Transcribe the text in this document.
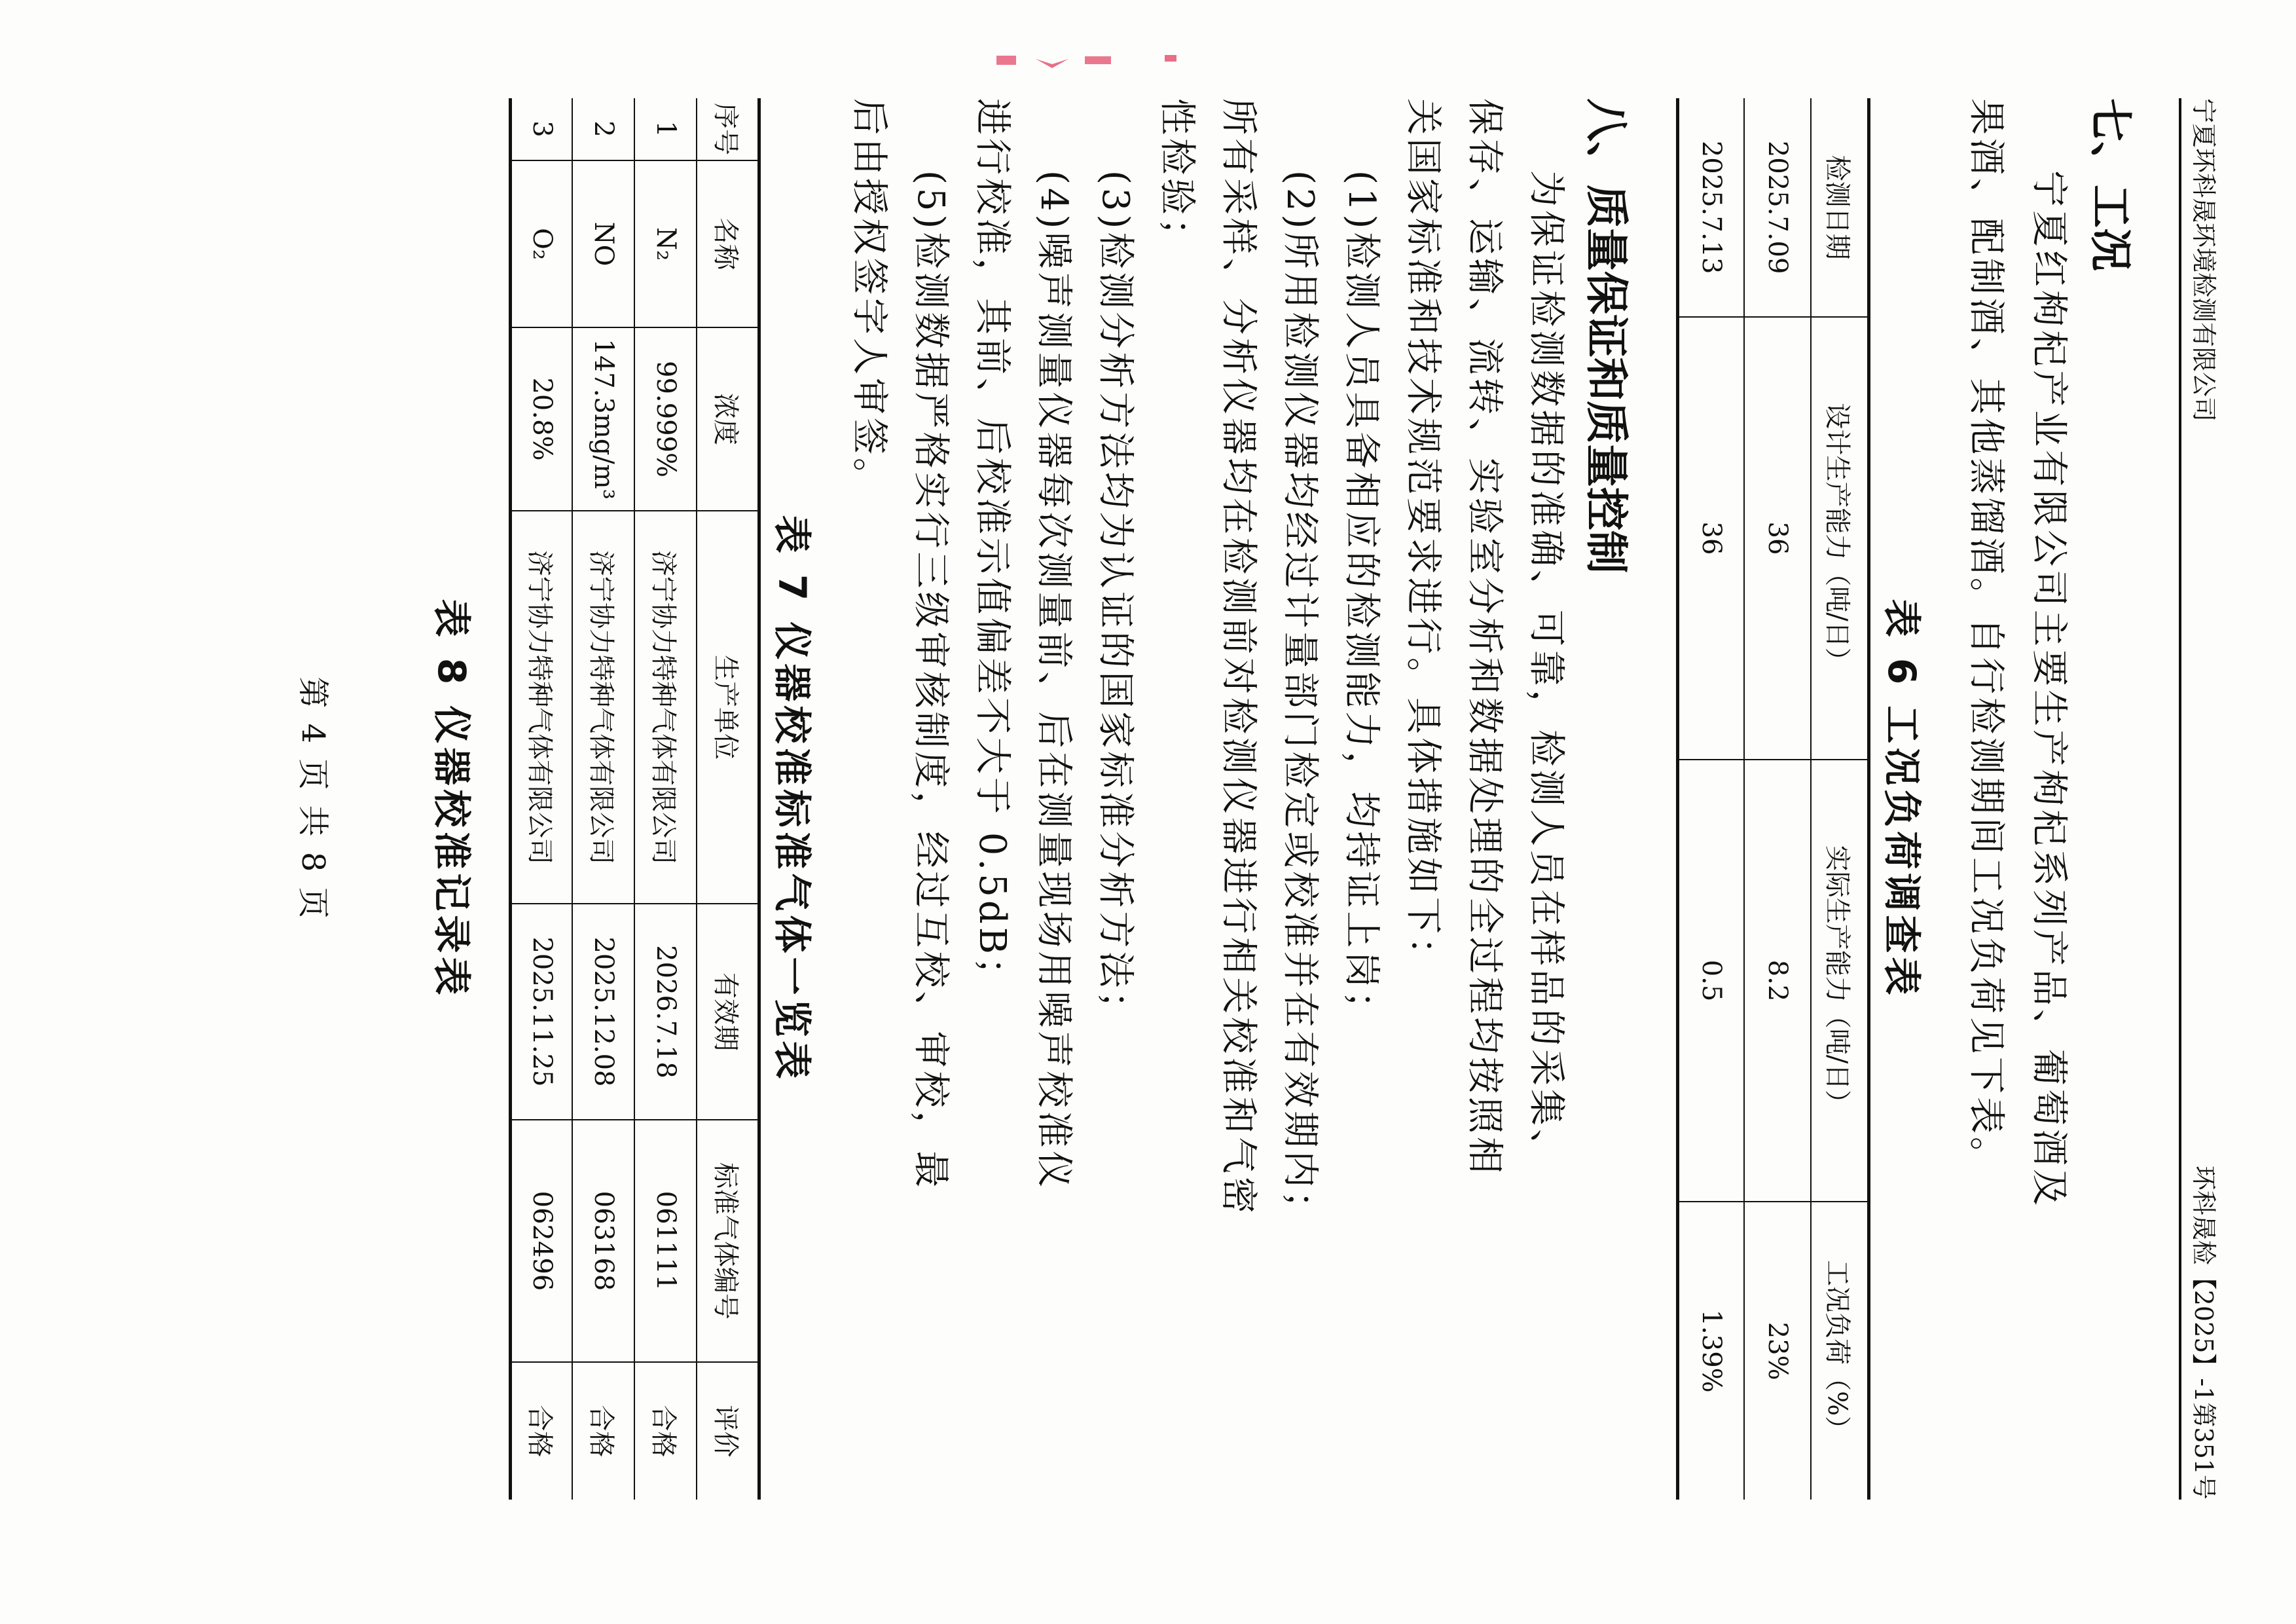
宁夏环科晟环境检测有限公司
环科晟检【2025】-1第351号
七、工况
宁夏红枸杞产业有限公司主要生产枸杞系列产品、葡萄酒及
果酒、配制酒、其他蒸馏酒。自行检测期间工况负荷见下表。
表 6 工况负荷调查表
检测日期	设计生产能力（吨/日）	实际生产能力（吨/日）	工况负荷（%）
2025.7.09	36	8.2	23%
2025.7.13	36	0.5	1.39%
八、质量保证和质量控制
为保证检测数据的准确、可靠，检测人员在样品的采集、
保存、运输、流转、实验室分析和数据处理的全过程均按照相
关国家标准和技术规范要求进行。具体措施如下：
(1)检测人员具备相应的检测能力，均持证上岗；
(2)所用检测仪器均经过计量部门检定或校准并在有效期内；
所有采样、分析仪器均在检测前对检测仪器进行相关校准和气密
性检验；
(3)检测分析方法均为认证的国家标准分析方法；
(4)噪声测量仪器每次测量前、后在测量现场用噪声校准仪
进行校准，其前、后校准示值偏差不大于 0.5dB；
(5)检测数据严格实行三级审核制度，经过互校、审校，最
后由授权签字人审签。
表 7 仪器校准标准气体一览表
序号	名称	浓度	生产单位	有效期	标准气体编号	评价
1	N₂	99.999%	济宁协力特种气体有限公司	2026.7.18	061111	合格
2	NO	147.3mg/m³	济宁协力特种气体有限公司	2025.12.08	063168	合格
3	O₂	20.8%	济宁协力特种气体有限公司	2025.11.25	062496	合格
表 8 仪器校准记录表
第 4 页 共 8 页
